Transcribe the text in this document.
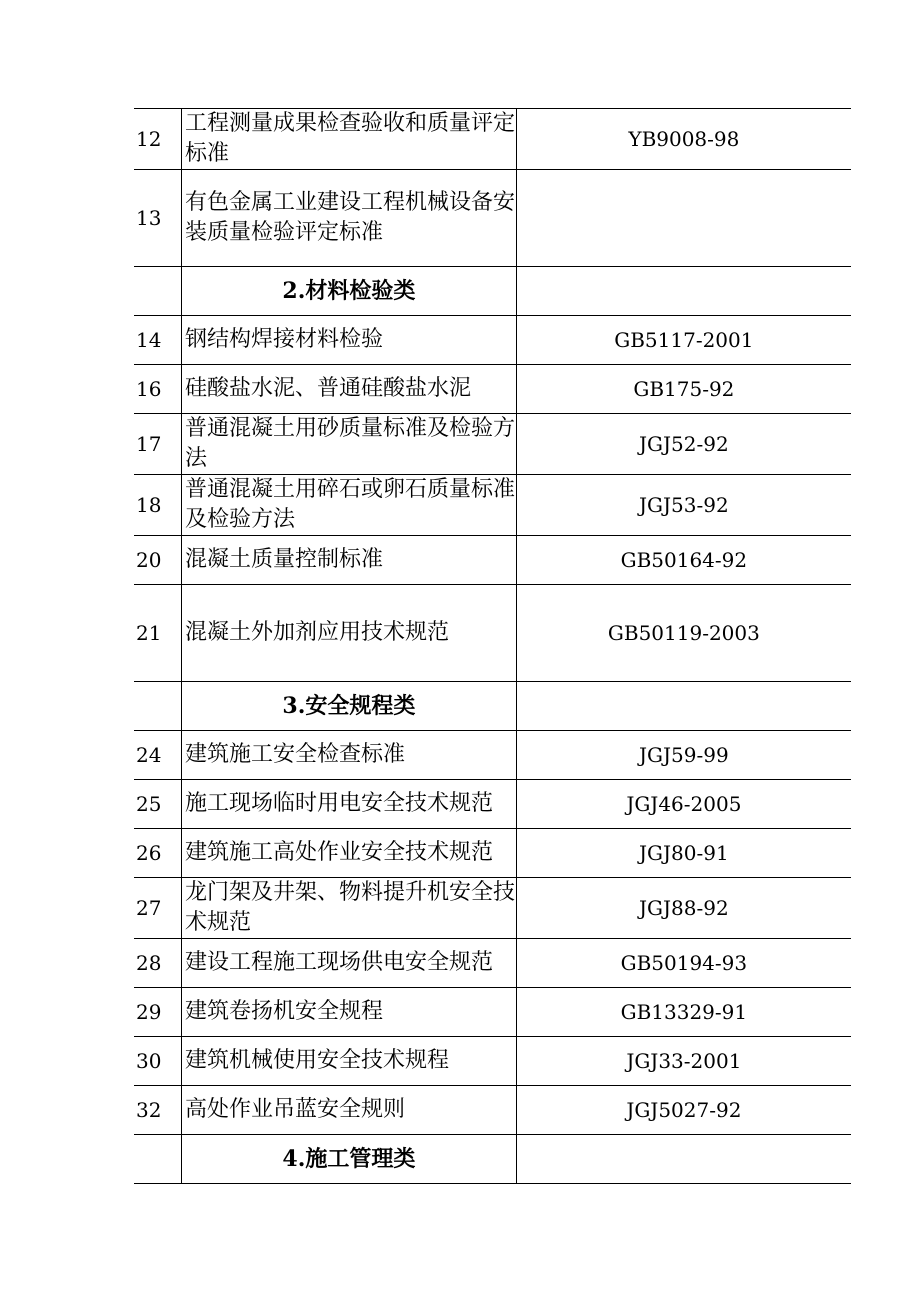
12	工程测量成果检查验收和质量评定标准	YB9008-98
13	有色金属工业建设工程机械设备安装质量检验评定标准	
	2.材料检验类	
14	钢结构焊接材料检验	GB5117-2001
16	硅酸盐水泥、普通硅酸盐水泥	GB175-92
17	普通混凝土用砂质量标准及检验方法	JGJ52-92
18	普通混凝土用碎石或卵石质量标准及检验方法	JGJ53-92
20	混凝土质量控制标准	GB50164-92
21	混凝土外加剂应用技术规范	GB50119-2003
	3.安全规程类	
24	建筑施工安全检查标准	JGJ59-99
25	施工现场临时用电安全技术规范	JGJ46-2005
26	建筑施工高处作业安全技术规范	JGJ80-91
27	龙门架及井架、物料提升机安全技术规范	JGJ88-92
28	建设工程施工现场供电安全规范	GB50194-93
29	建筑卷扬机安全规程	GB13329-91
30	建筑机械使用安全技术规程	JGJ33-2001
32	高处作业吊蓝安全规则	JGJ5027-92
	4.施工管理类	
